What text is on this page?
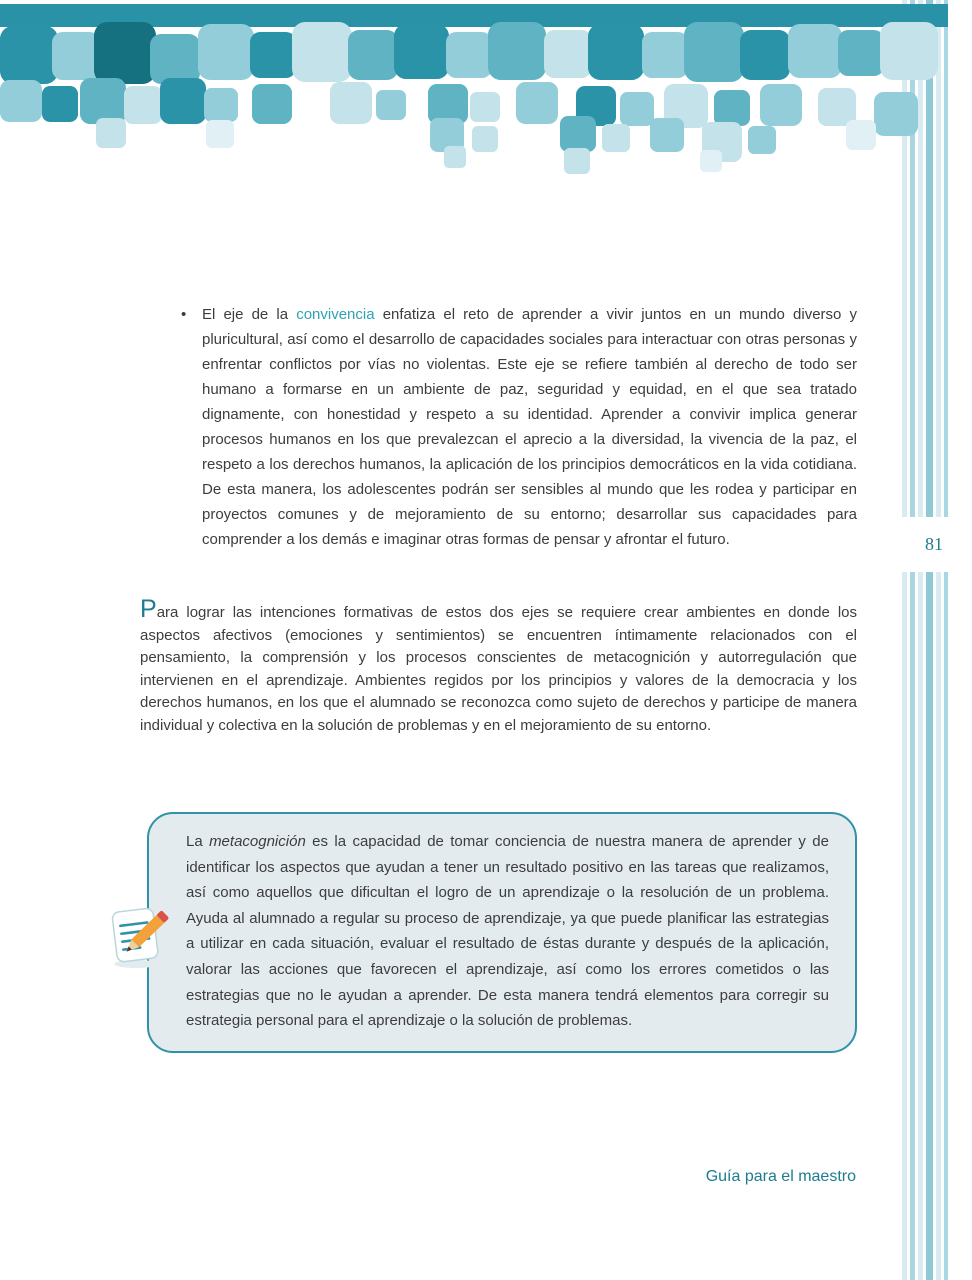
81
•	El eje de la convivencia enfatiza el reto de aprender a vivir juntos en un mundo diverso y pluricultural, así como el desarrollo de capacidades sociales para interactuar con otras personas y enfrentar conflictos por vías no violentas. Este eje se refiere también al derecho de todo ser humano a formarse en un ambiente de paz, seguridad y equidad, en el que sea tratado dignamente, con honestidad y respeto a su identidad. Aprender a convivir implica generar procesos humanos en los que prevalezcan el aprecio a la diversidad, la vivencia de la paz, el respeto a los derechos humanos, la aplicación de los principios democráticos en la vida cotidiana. De esta manera, los adolescentes podrán ser sensibles al mundo que les rodea y participar en proyectos comunes y de mejoramiento de su entorno; desarrollar sus capacidades para comprender a los demás e imaginar otras formas de pensar y afrontar el futuro.

Para lograr las intenciones formativas de estos dos ejes se requiere crear ambientes en donde los aspectos afectivos (emociones y sentimientos) se encuentren íntimamente relacionados con el pensamiento, la comprensión y los procesos conscientes de metacognición y autorregulación que intervienen en el aprendizaje. Ambientes regidos por los principios y valores de la democracia y los derechos humanos, en los que el alumnado se reconozca como sujeto de derechos y participe de manera individual y colectiva en la solución de problemas y en el mejoramiento de su entorno.

La metacognición es la capacidad de tomar conciencia de nuestra manera de aprender y de identificar los aspectos que ayudan a tener un resultado positivo en las tareas que realizamos, así como aquellos que dificultan el logro de un aprendizaje o la resolución de un problema. Ayuda al alumnado a regular su proceso de aprendizaje, ya que puede planificar las estrategias a utilizar en cada situación, evaluar el resultado de éstas durante y después de la aplicación, valorar las acciones que favorecen el aprendizaje, así como los errores cometidos o las estrategias que no le ayudan a aprender. De esta manera tendrá elementos para corregir su estrategia personal para el aprendizaje o la solución de problemas.
Guía para el maestro
